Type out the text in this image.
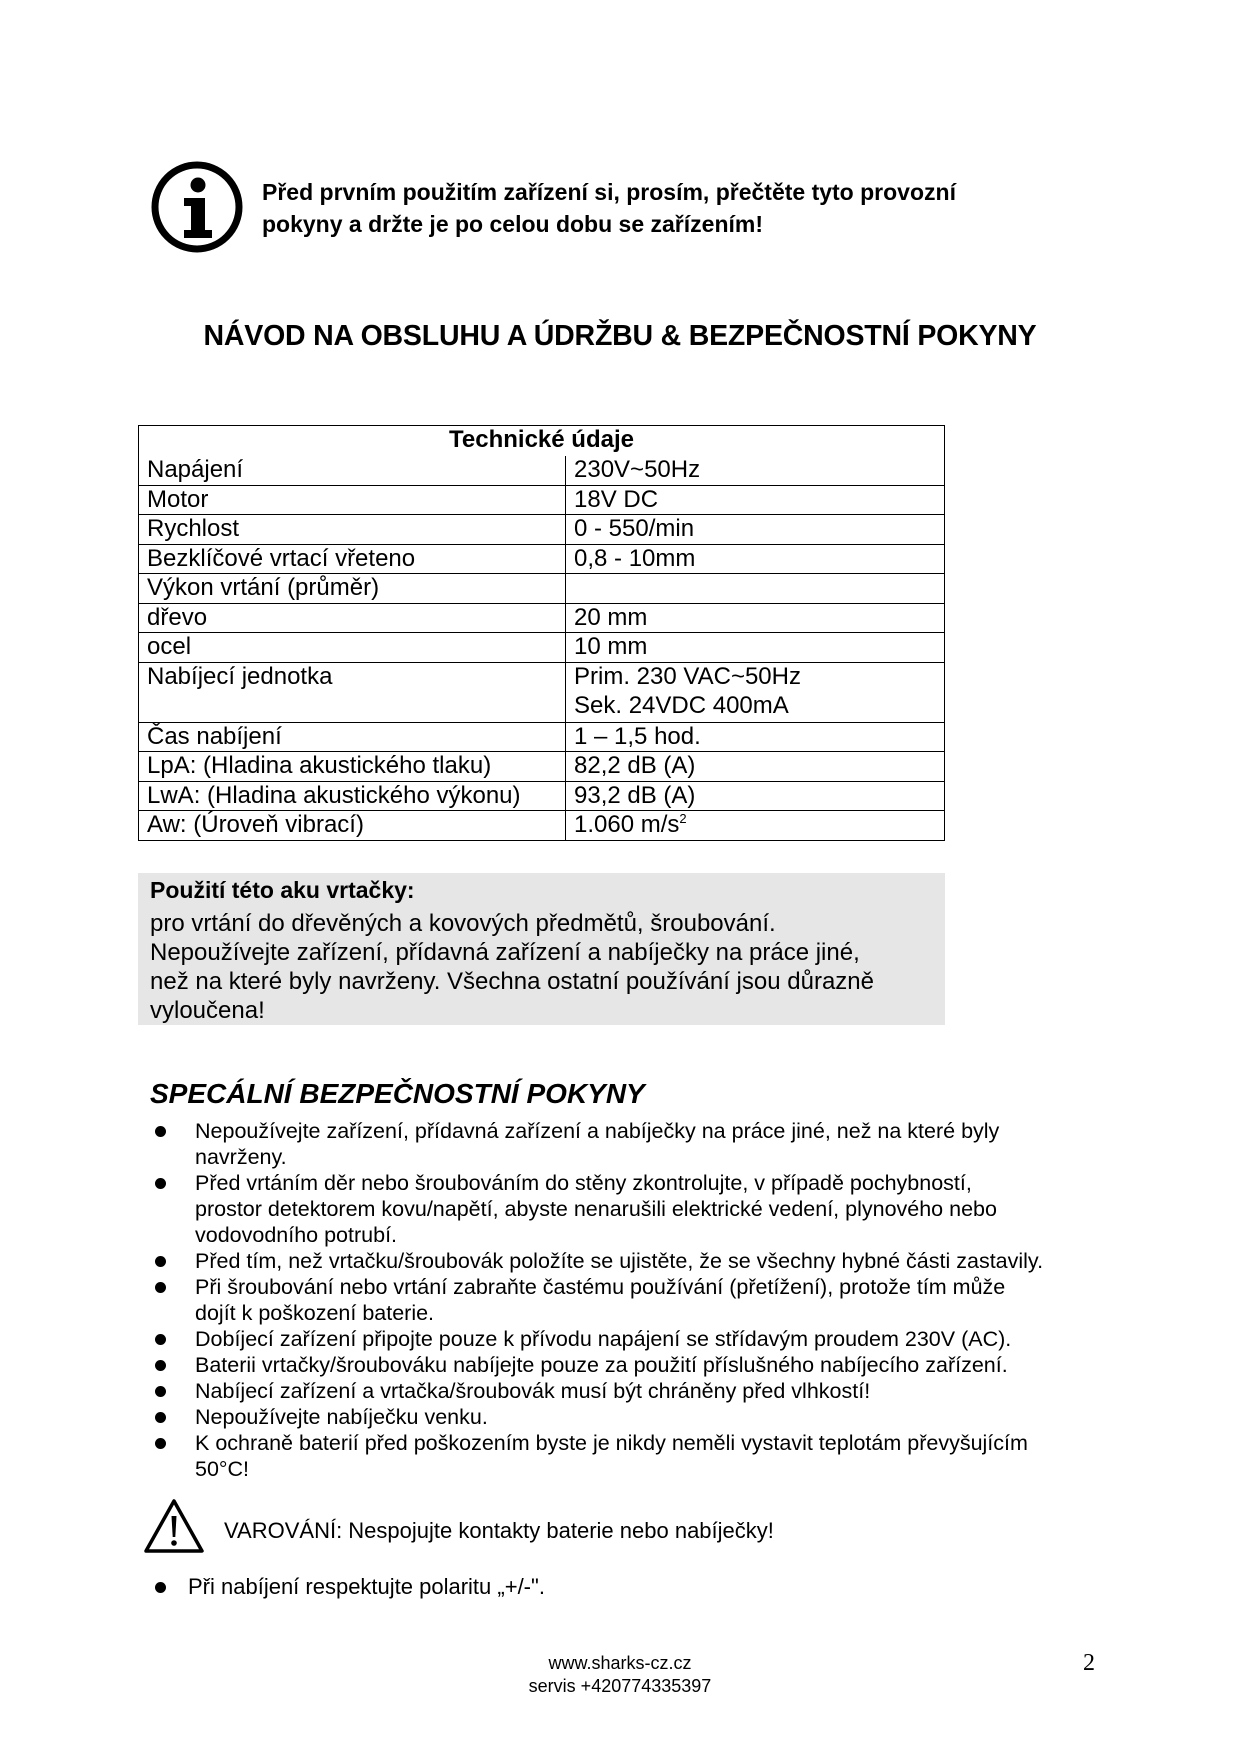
Před prvním použitím zařízení si, prosím, přečtěte tyto provozní
pokyny a držte je po celou dobu se zařízením!
NÁVOD NA OBSLUHU A ÚDRŽBU & BEZPEČNOSTNÍ POKYNY
Technické údaje	
Napájení	230V~50Hz
Motor	18V DC
Rychlost	0 - 550/min
Bezklíčové vrtací vřeteno	0,8 - 10mm
Výkon vrtání (průměr)	
dřevo	20 mm
ocel	10 mm
Nabíjecí jednotka	Prim. 230 VAC~50Hz
Sek. 24VDC 400mA

Čas nabíjení	1 – 1,5 hod.
LpA: (Hladina akustického tlaku)	82,2 dB (A)
LwA: (Hladina akustického výkonu)	93,2 dB (A)
Aw: (Úroveň vibrací)	1.060 $m/s^2$
Použití této aku vrtačky:
pro vrtání do dřevěných a kovových předmětů, šroubování.
Nepoužívejte zařízení, přídavná zařízení a nabíječky na práce jiné,
než na které byly navrženy. Všechna ostatní používání jsou důrazně
vyloučena!
SPECÁLNÍ BEZPEČNOSTNÍ POKYNY
Nepoužívejte zařízení, přídavná zařízení a nabíječky na práce jiné, než na které byly
navrženy.
Před vrtáním děr nebo šroubováním do stěny zkontrolujte, v případě pochybností,
prostor detektorem kovu/napětí, abyste nenarušili elektrické vedení, plynového nebo
vodovodního potrubí.
Před tím, než vrtačku/šroubovák položíte se ujistěte, že se všechny hybné části zastavily.
Při šroubování nebo vrtání zabraňte častému používání (přetížení), protože tím může
dojít k poškození baterie.
Dobíjecí zařízení připojte pouze k přívodu napájení se střídavým proudem 230V (AC).
Baterii vrtačky/šroubováku nabíjejte pouze za použití příslušného nabíjecího zařízení.
Nabíjecí zařízení a vrtačka/šroubovák musí být chráněny před vlhkostí!
Nepoužívejte nabíječku venku.
K ochraně baterií před poškozením byste je nikdy neměli vystavit teplotám převyšujícím
50°C!
VAROVÁNÍ: Nespojujte kontakty baterie nebo nabíječky!
Při nabíjení respektujte polaritu „+/-".
www.sharks-cz.cz
servis +420774335397
2
